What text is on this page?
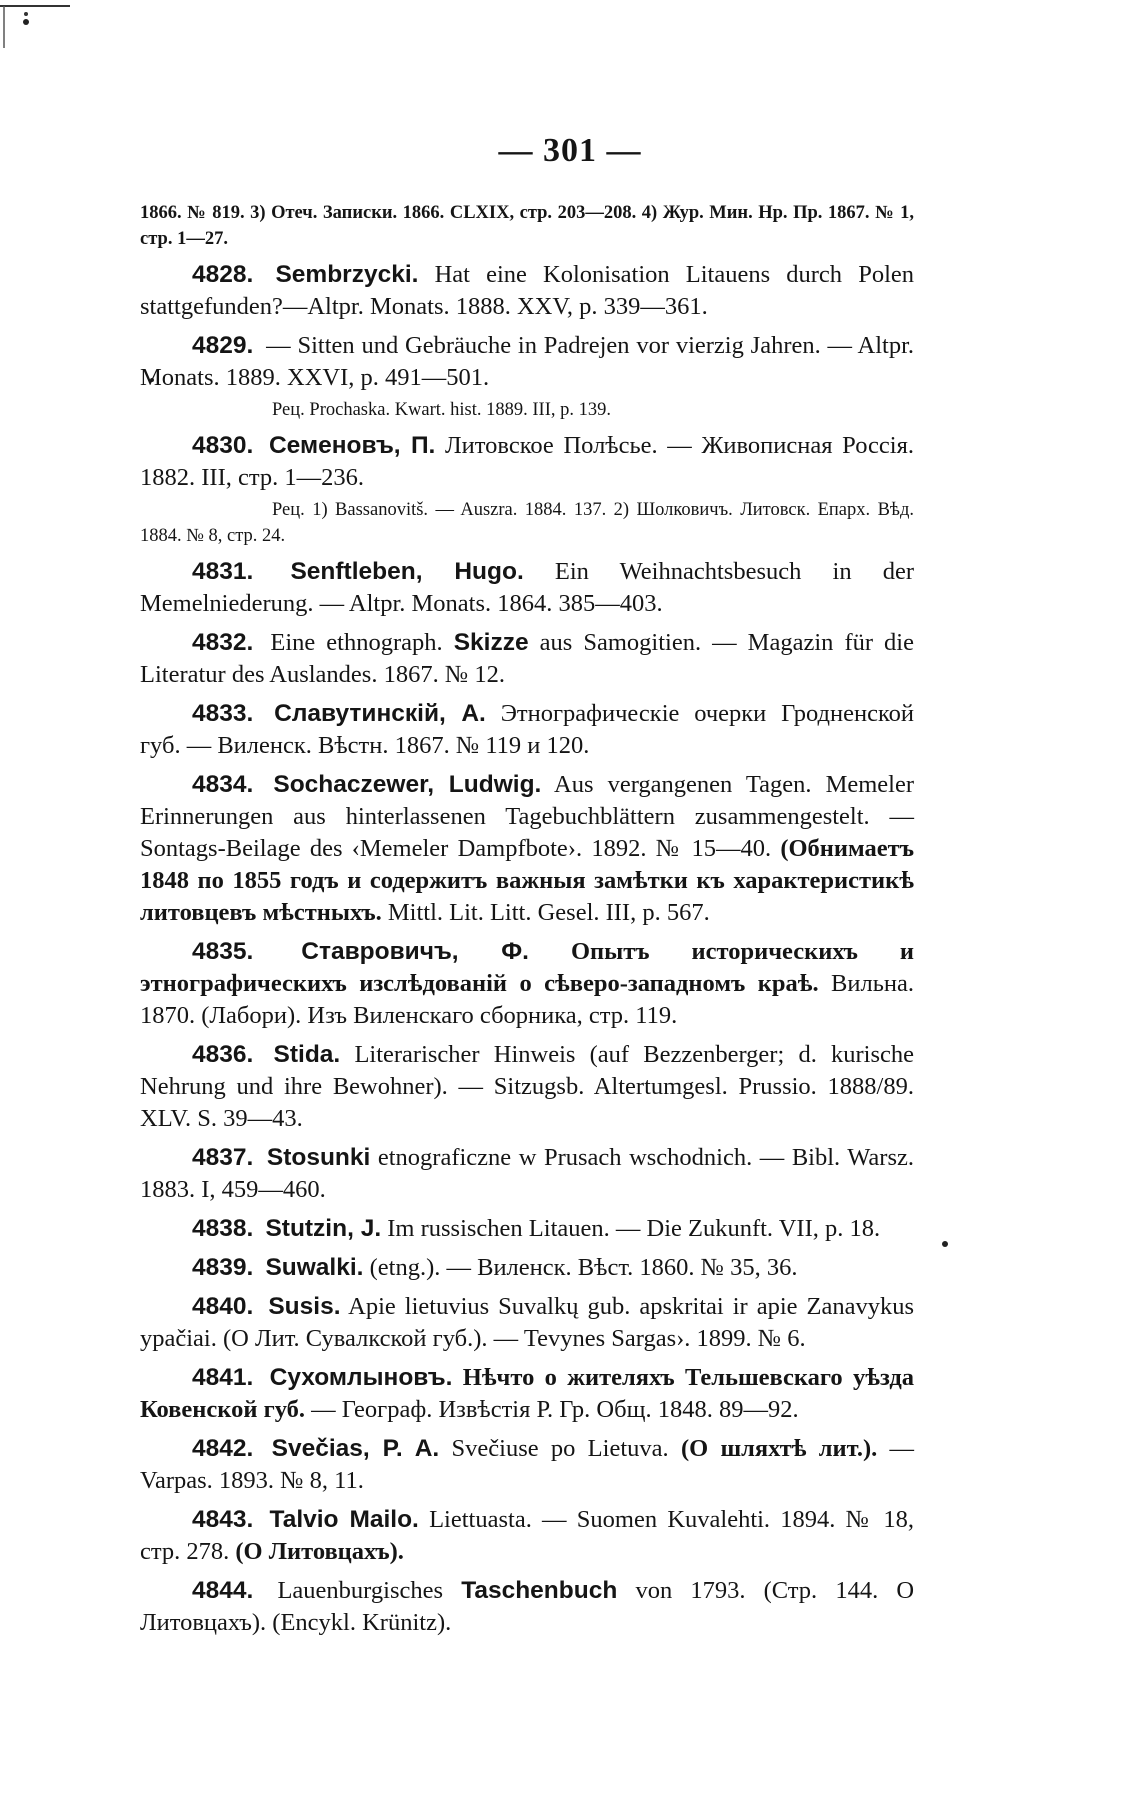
— 301 —

1866. № 819. 3) Отеч. Записки. 1866. CLXIX, стр. 203—208. 4) Жур. Мин. Нр. Пр. 1867. № 1, стр. 1—27.

4828. Sembrzycki. Hat eine Kolonisation Litauens durch Polen stattgefunden?—Altpr. Monats. 1888. XXV, p. 339—361.

4829. — Sitten und Gebräuche in Padrejen vor vierzig Jahren. — Altpr. Monats. 1889. XXVI, p. 491—501.

Рец. Prochaska. Kwart. hist. 1889. III, p. 139.

4830. Семеновъ, П. Литовское Полѣсье. — Живописная Россія. 1882. III, стр. 1—236.

Рец. 1) Bassanovitš. — Auszra. 1884. 137. 2) Шолковичъ. Литовск. Епарх. Вѣд. 1884. № 8, стр. 24.

4831. Senftleben, Hugo. Ein Weihnachtsbesuch in der Memelniederung. — Altpr. Monats. 1864. 385—403.

4832. Eine ethnograph. Skizze aus Samogitien. — Magazin für die Literatur des Auslandes. 1867. № 12.

4833. Славутинскій, А. Этнографическіе очерки Гродненской губ. — Виленск. Вѣстн. 1867. № 119 и 120.

4834. Sochaczewer, Ludwig. Aus vergangenen Tagen. Memeler Erinnerungen aus hinterlassenen Tagebuchblättern zusammengestelt. — Sontags-Beilage des ‹Memeler Dampfbote›. 1892. № 15—40. (Обнимаетъ 1848 по 1855 годъ и содержитъ важныя замѣтки къ характеристикѣ литовцевъ мѣстныхъ. Mittl. Lit. Litt. Gesel. III, p. 567.

4835. Ставровичъ, Ф. Опытъ историческихъ и этнографическихъ изслѣдованій о сѣверо-западномъ краѣ. Вильна. 1870. (Лабори). Изъ Виленскаго сборника, стр. 119.

4836. Stida. Literarischer Hinweis (auf Bezzenberger; d. kurische Nehrung und ihre Bewohner). — Sitzugsb. Altertumgesl. Prussio. 1888/89. XLV. S. 39—43.

4837. Stosunki etnograficzne w Prusach wschodnich. — Bibl. Warsz. 1883. I, 459—460.

4838. Stutzin, J. Im russischen Litauen. — Die Zukunft. VII, p. 18.

4839. Suwalki. (etng.). — Виленск. Вѣст. 1860. № 35, 36.

4840. Susis. Apie lietuvius Suvalkų gub. apskritai ir apie Zanavykus ypačiai. (О Лит. Сувалкской губ.). — Tevynes Sargas›. 1899. № 6.

4841. Сухомлыновъ. Нѣчто о жителяхъ Тельшевскаго уѣзда Ковенской губ. — Географ. Извѣстія Р. Гр. Общ. 1848. 89—92.

4842. Svečias, P. A. Svečiuse po Lietuva. (О шляхтѣ лит.). — Varpas. 1893. № 8, 11.

4843. Talvio Mailo. Liettuasta. — Suomen Kuvalehti. 1894. № 18, стр. 278. (О Литовцахъ).

4844. Lauenburgisches Taschenbuch von 1793. (Стр. 144. О Литовцахъ). (Encykl. Krünitz).
